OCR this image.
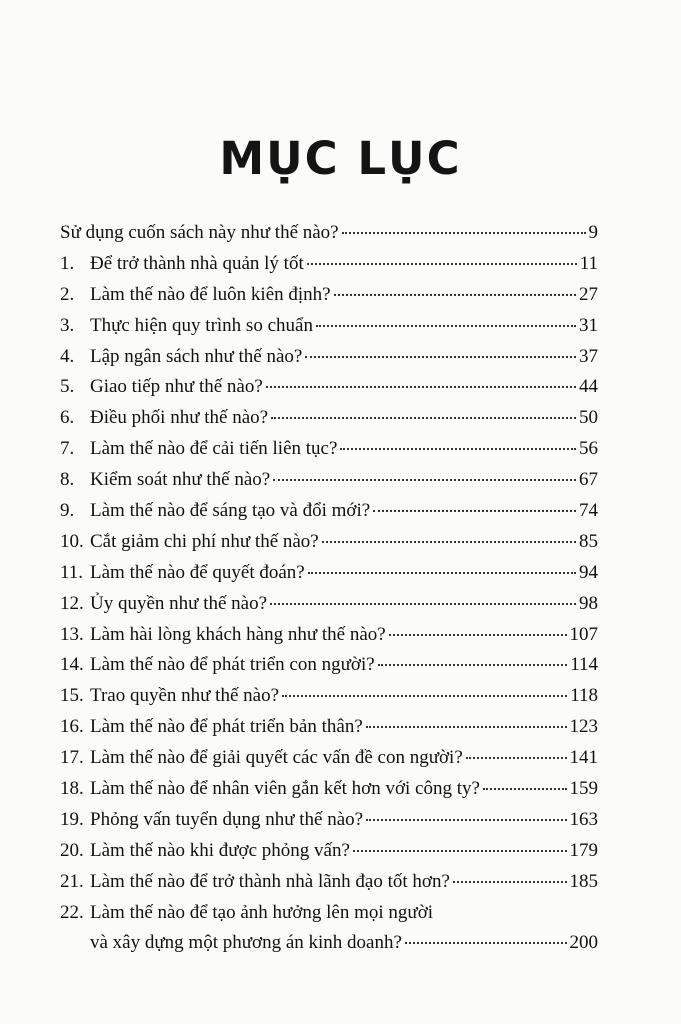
MỤC LỤC
Sử dụng cuốn sách này như thế nào?	9
1. Để trở thành nhà quản lý tốt	11
2. Làm thế nào để luôn kiên định?	27
3. Thực hiện quy trình so chuẩn	31
4. Lập ngân sách như thế nào?	37
5. Giao tiếp như thế nào?	44
6. Điều phối như thế nào?	50
7. Làm thế nào để cải tiến liên tục?	56
8. Kiểm soát như thế nào?	67
9. Làm thế nào để sáng tạo và đổi mới?	74
10. Cắt giảm chi phí như thế nào?	85
11. Làm thế nào để quyết đoán?	94
12. Ủy quyền như thế nào?	98
13. Làm hài lòng khách hàng như thế nào?	107
14. Làm thế nào để phát triển con người?	114
15. Trao quyền như thế nào?	118
16. Làm thế nào để phát triển bản thân?	123
17. Làm thế nào để giải quyết các vấn đề con người?	141
18. Làm thế nào để nhân viên gắn kết hơn với công ty?	159
19. Phỏng vấn tuyển dụng như thế nào?	163
20. Làm thế nào khi được phỏng vấn?	179
21. Làm thế nào để trở thành nhà lãnh đạo tốt hơn?	185
22. Làm thế nào để tạo ảnh hưởng lên mọi người
và xây dựng một phương án kinh doanh?	200
